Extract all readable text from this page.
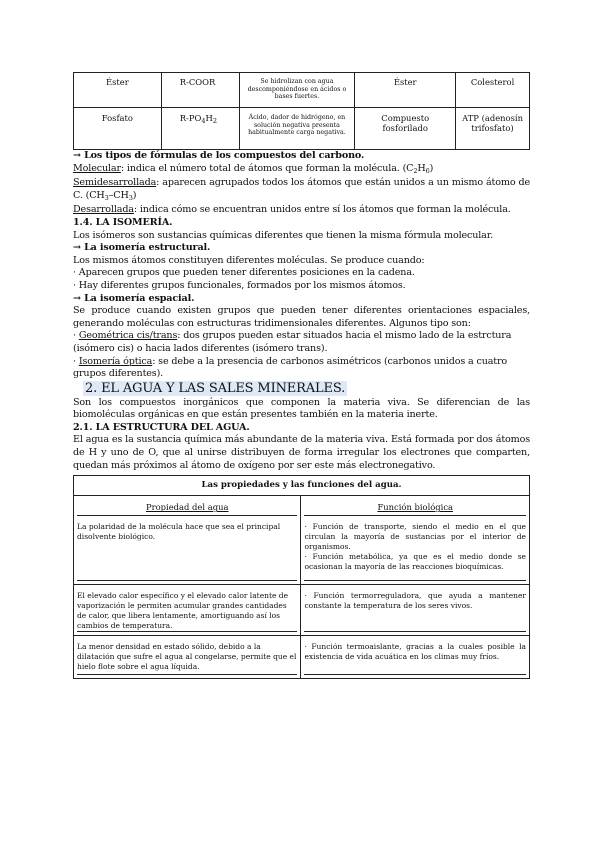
Éster	R-COOR	Se hidrolizan con agua descomponiéndose en ácidos o bases fuertes.	Éster	Colesterol
Fosfato	$R-PO_4H_2$	Ácido, dador de hidrógeno, en solución negativa presenta habitualmente carga negativa.	Compuesto fosforilado	ATP (adenosín trifosfato)

→ Los tipos de fórmulas de los compuestos del carbono.

Molecular: indica el número total de átomos que forman la molécula. $(C_2H_6)$

Semidesarrollada: aparecen agrupados todos los átomos que están unidos a un mismo átomo de C. $(CH_3-CH_3)$

Desarrollada: indica cómo se encuentran unidos entre sí los átomos que forman la molécula.

1.4. LA ISOMERÍA.

Los isómeros son sustancias químicas diferentes que tienen la misma fórmula molecular.

→ La isomería estructural.

Los mismos átomos constituyen diferentes moléculas. Se produce cuando:

· Aparecen grupos que pueden tener diferentes posiciones en la cadena.

· Hay diferentes grupos funcionales, formados por los mismos átomos.

→ La isomería espacial.

Se produce cuando existen grupos que pueden tener diferentes orientaciones espaciales, generando moléculas con estructuras tridimensionales diferentes. Algunos tipo son:

· Geométrica cis/trans: dos grupos pueden estar situados hacia el mismo lado de la estrctura (isómero cis) o hacia lados diferentes (isómero trans).

· Isomería óptica: se debe a la presencia de carbonos asimétricos (carbonos unidos a cuatro grupos diferentes).

2. EL AGUA Y LAS SALES MINERALES.

Son los compuestos inorgánicos que componen la materia viva. Se diferencian de las biomoléculas orgánicas en que están presentes también en la materia inerte.

2.1. LA ESTRUCTURA DEL AGUA.

El agua es la sustancia química más abundante de la materia viva. Está formada por dos átomos de H y uno de O, que al unirse distribuyen de forma irregular los electrones que comparten, quedan más próximos al átomo de oxígeno por ser este más electronegativo.

Las propiedades y las funciones del agua.	

Propiedad del agua	Función biológica

La polaridad de la molécula hace que sea el principal disolvente biológico.	· Función de transporte, siendo el medio en el que circulan la mayoría de sustancias por el interior de organismos.
· Función metabólica, ya que es el medio donde se ocasionan la mayoría de las reacciones bioquímicas.

El elevado calor específico y el elevado calor latente de vaporización le permiten acumular grandes cantidades de calor, que libera lentamente, amortiguando así los cambios de temperatura.	· Función termorreguladora, que ayuda a mantener constante la temperatura de los seres vivos.

La menor densidad en estado sólido, debido a la dilatación que sufre el agua al congelarse, permite que el hielo flote sobre el agua líquida.	· Función termoaislante, gracias a la cuales posible la existencia de vida acuática en los climas muy fríos.
